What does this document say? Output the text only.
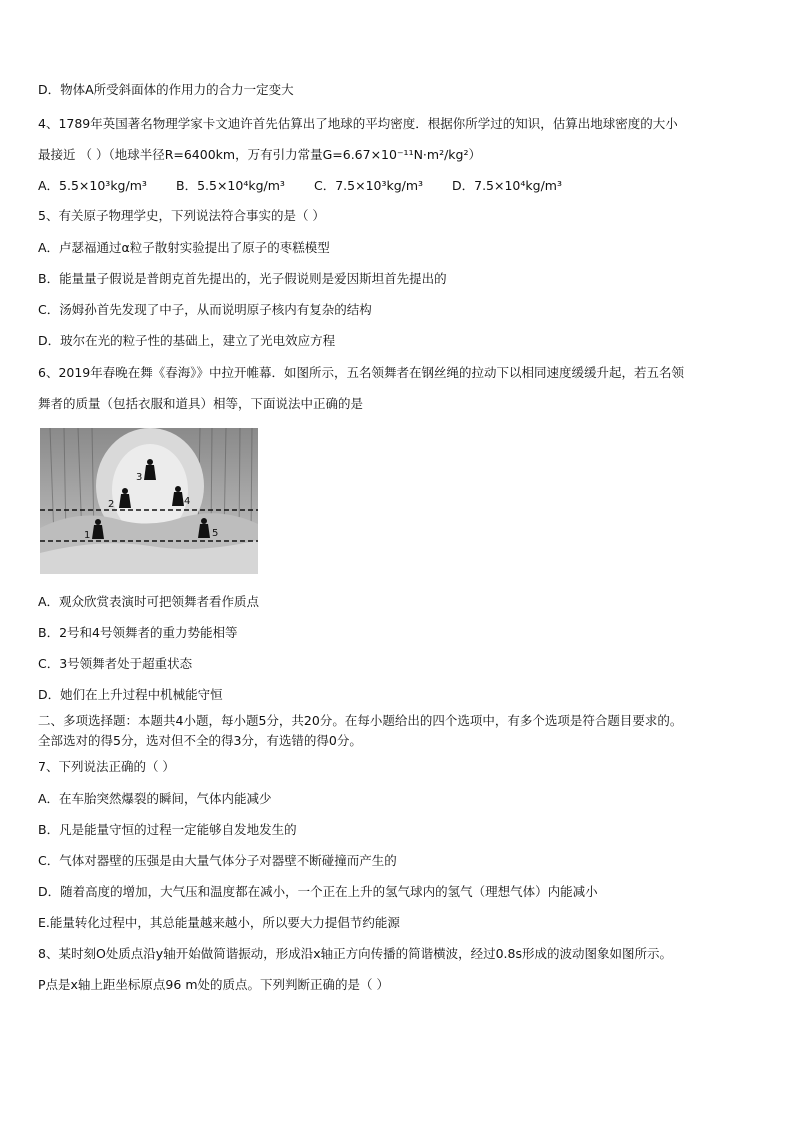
D．物体A所受斜面体的作用力的合力一定变大
4、1789年英国著名物理学家卡文迪许首先估算出了地球的平均密度．根据你所学过的知识，估算出地球密度的大小
最接近 （ ）（地球半径R=6400km，万有引力常量G=6.67×10⁻¹¹N·m²/kg²）
A．5.5×10³kg/m³ B．5.5×10⁴kg/m³ C．7.5×10³kg/m³ D．7.5×10⁴kg/m³
5、有关原子物理学史，下列说法符合事实的是（ ）
A．卢瑟福通过α粒子散射实验提出了原子的枣糕模型
B．能量量子假说是普朗克首先提出的，光子假说则是爱因斯坦首先提出的
C．汤姆孙首先发现了中子，从而说明原子核内有复杂的结构
D．玻尔在光的粒子性的基础上，建立了光电效应方程
6、2019年春晚在舞《春海》》中拉开帷幕．如图所示，五名领舞者在钢丝绳的拉动下以相同速度缓缓升起，若五名领
舞者的质量（包括衣服和道具）相等，下面说法中正确的是
3
2	4
1	5
A．观众欣赏表演时可把领舞者看作质点
B．2号和4号领舞者的重力势能相等
C．3号领舞者处于超重状态
D．她们在上升过程中机械能守恒
二、多项选择题：本题共4小题，每小题5分，共20分。在每小题给出的四个选项中，有多个选项是符合题目要求的。
全部选对的得5分，选对但不全的得3分，有选错的得0分。
7、下列说法正确的（ ）
A．在车胎突然爆裂的瞬间，气体内能减少
B．凡是能量守恒的过程一定能够自发地发生的
C．气体对器壁的压强是由大量气体分子对器壁不断碰撞而产生的
D．随着高度的增加，大气压和温度都在减小，一个正在上升的氢气球内的氢气（理想气体）内能减小
E.能量转化过程中，其总能量越来越小，所以要大力提倡节约能源
8、某时刻O处质点沿y轴开始做简谐振动，形成沿x轴正方向传播的简谐横波，经过0.8s形成的波动图象如图所示。
P点是x轴上距坐标原点96 m处的质点。下列判断正确的是（ ）
